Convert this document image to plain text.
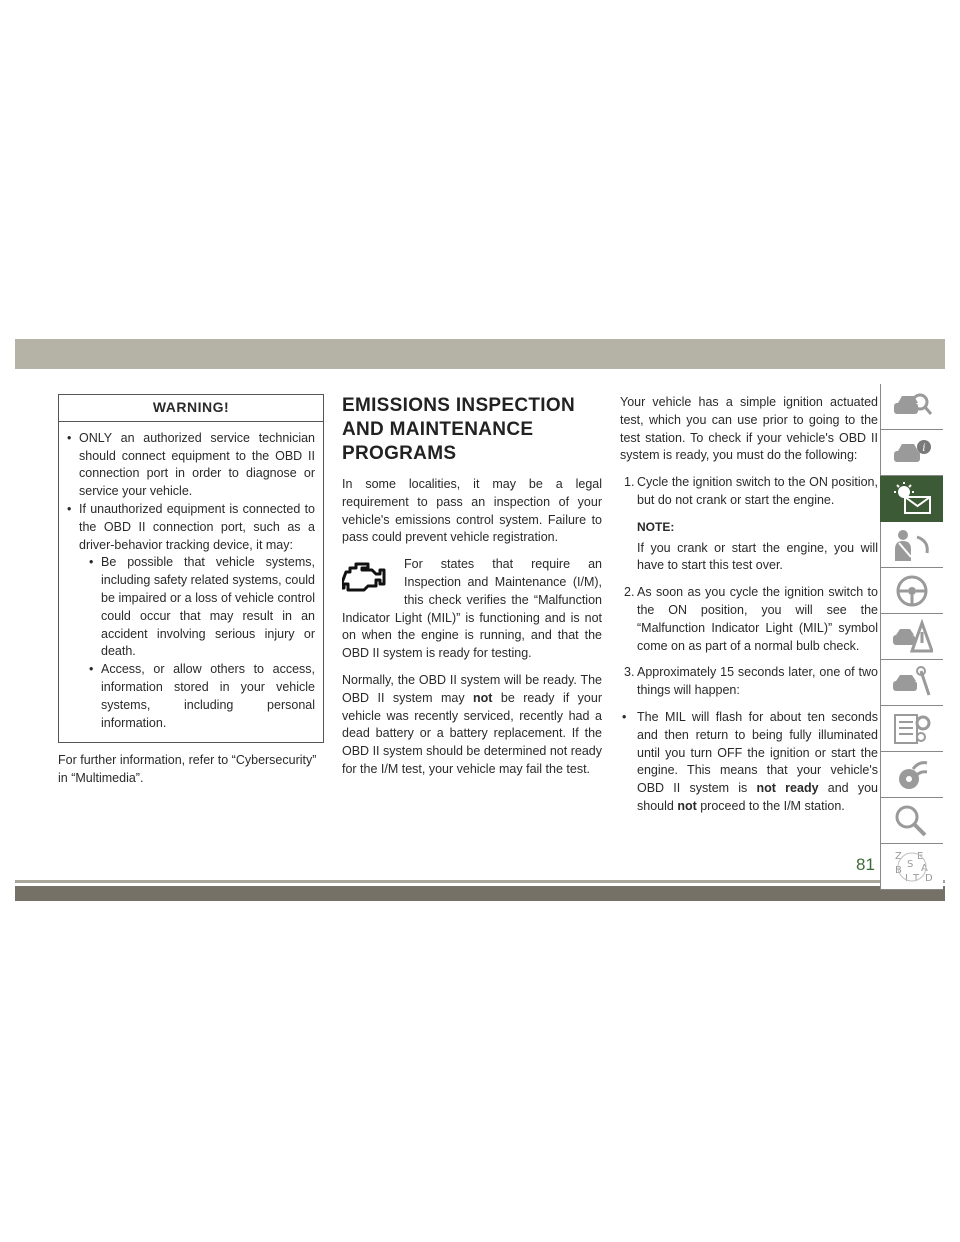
WARNING!
• ONLY an authorized service technician should connect equipment to the OBD II connection port in order to diagnose or service your vehicle.
• If unauthorized equipment is connected to the OBD II connection port, such as a driver-behavior tracking device, it may:
• Be possible that vehicle systems, including safety related systems, could be impaired or a loss of vehicle control could occur that may result in an accident involving serious injury or death.
• Access, or allow others to access, information stored in your vehicle systems, including personal information.

For further information, refer to “Cybersecurity” in “Multimedia”.

EMISSIONS INSPECTION AND MAINTENANCE PROGRAMS

In some localities, it may be a legal requirement to pass an inspection of your vehicle's emissions control system. Failure to pass could prevent vehicle registration.

For states that require an Inspection and Maintenance (I/M), this check verifies the “Malfunction Indicator Light (MIL)” is functioning and is not on when the engine is running, and that the OBD II system is ready for testing.

Normally, the OBD II system will be ready. The OBD II system may not be ready if your vehicle was recently serviced, recently had a dead battery or a battery replacement. If the OBD II system should be determined not ready for the I/M test, your vehicle may fail the test.

Your vehicle has a simple ignition actuated test, which you can use prior to going to the test station. To check if your vehicle's OBD II system is ready, you must do the following:

1. Cycle the ignition switch to the ON position, but do not crank or start the engine.
NOTE:
If you crank or start the engine, you will have to start this test over.
2. As soon as you cycle the ignition switch to the ON position, you will see the “Malfunction Indicator Light (MIL)” symbol come on as part of a normal bulb check.
3. Approximately 15 seconds later, one of two things will happen:
• The MIL will flash for about ten seconds and then return to being fully illuminated until you turn OFF the ignition or start the engine. This means that your vehicle's OBD II system is not ready and you should not proceed to the I/M station.
i
Z E
S A
B
I T D
81
